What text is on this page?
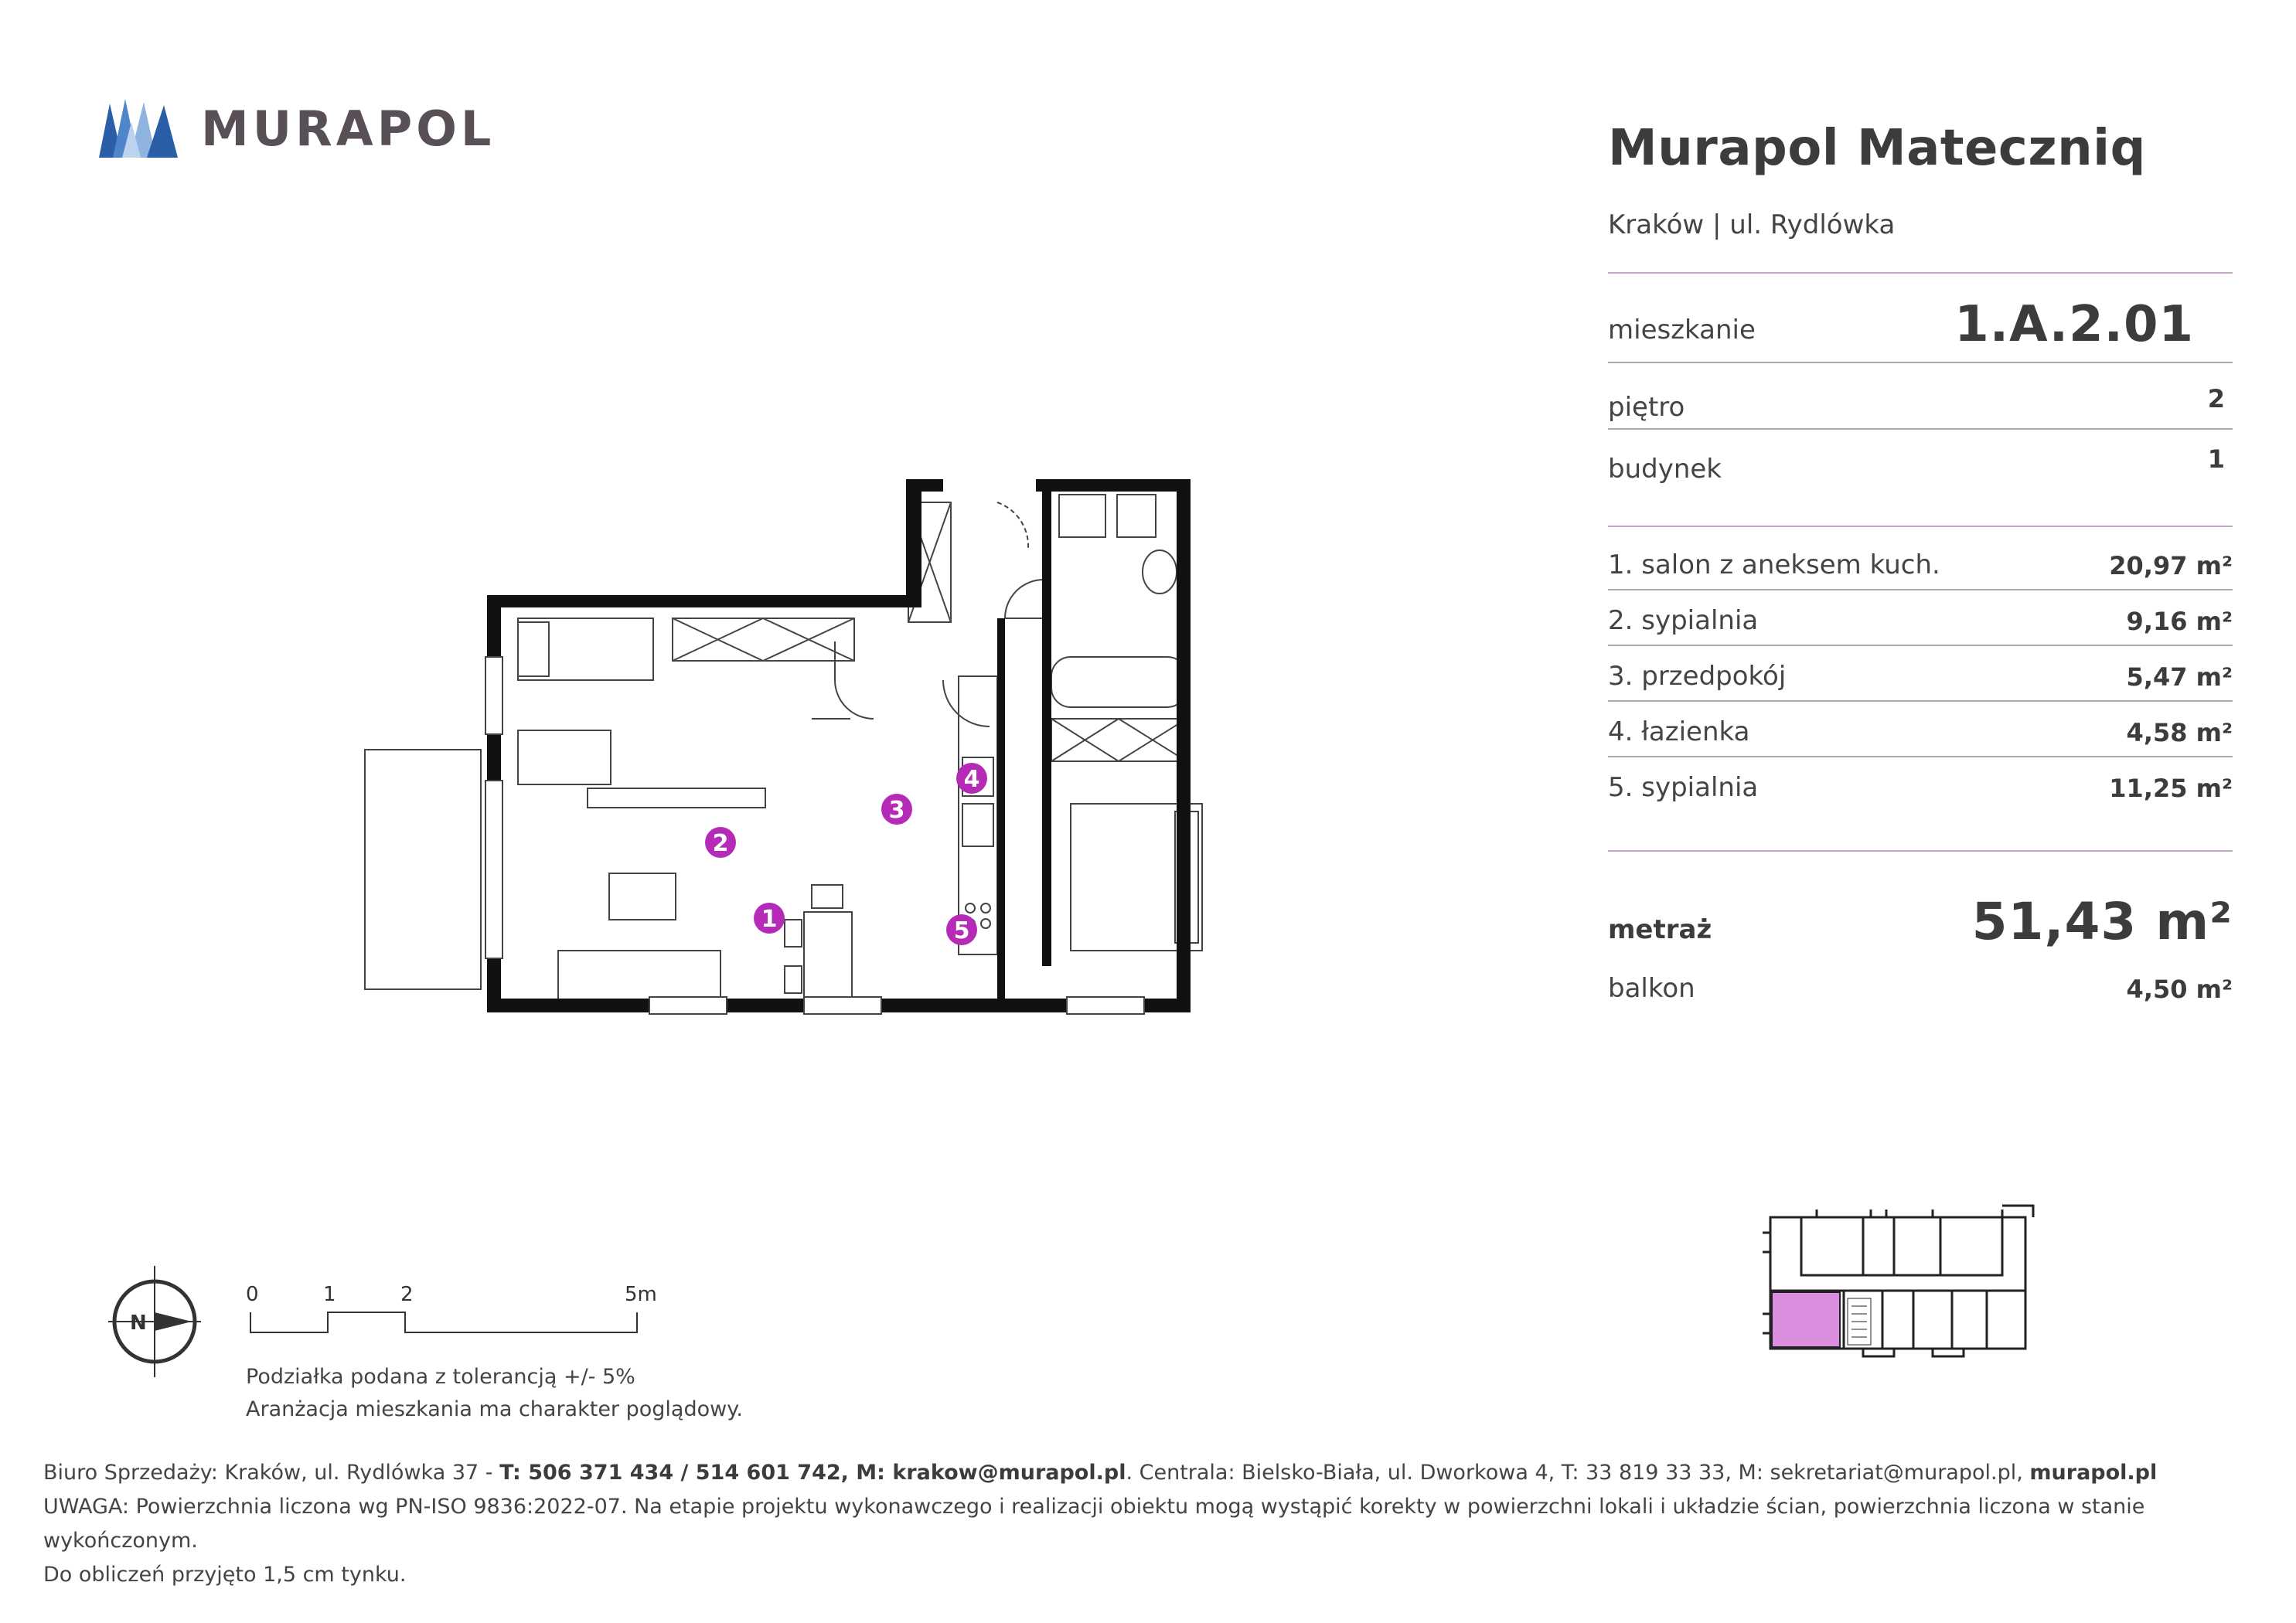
MURAPOL	Murapol Mateczniq
Kraków | ul. Rydlówka
mieszkanie	1.A.2.01
piętro	2
budynek	1
1. salon z aneksem kuch.	20,97 m²
2. sypialnia	9,16 m²
3. przedpokój	5,47 m²
4. łazienka	4,58 m²
5. sypialnia	11,25 m²
metraż	51,43 m²
balkon	4,50 m²
2
1
3
4
5
N
0	1	2	5m
Podziałka podana z tolerancją +/- 5%
Aranżacja mieszkania ma charakter poglądowy.
Biuro Sprzedaży: Kraków, ul. Rydlówka 37 - T: 506 371 434 / 514 601 742, M: krakow@murapol.pl. Centrala: Bielsko-Biała, ul. Dworkowa 4, T: 33 819 33 33, M: sekretariat@murapol.pl, murapol.pl
UWAGA: Powierzchnia liczona wg PN-ISO 9836:2022-07. Na etapie projektu wykonawczego i realizacji obiektu mogą wystąpić korekty w powierzchni lokali i układzie ścian, powierzchnia liczona w stanie wykończonym.
Do obliczeń przyjęto 1,5 cm tynku.
